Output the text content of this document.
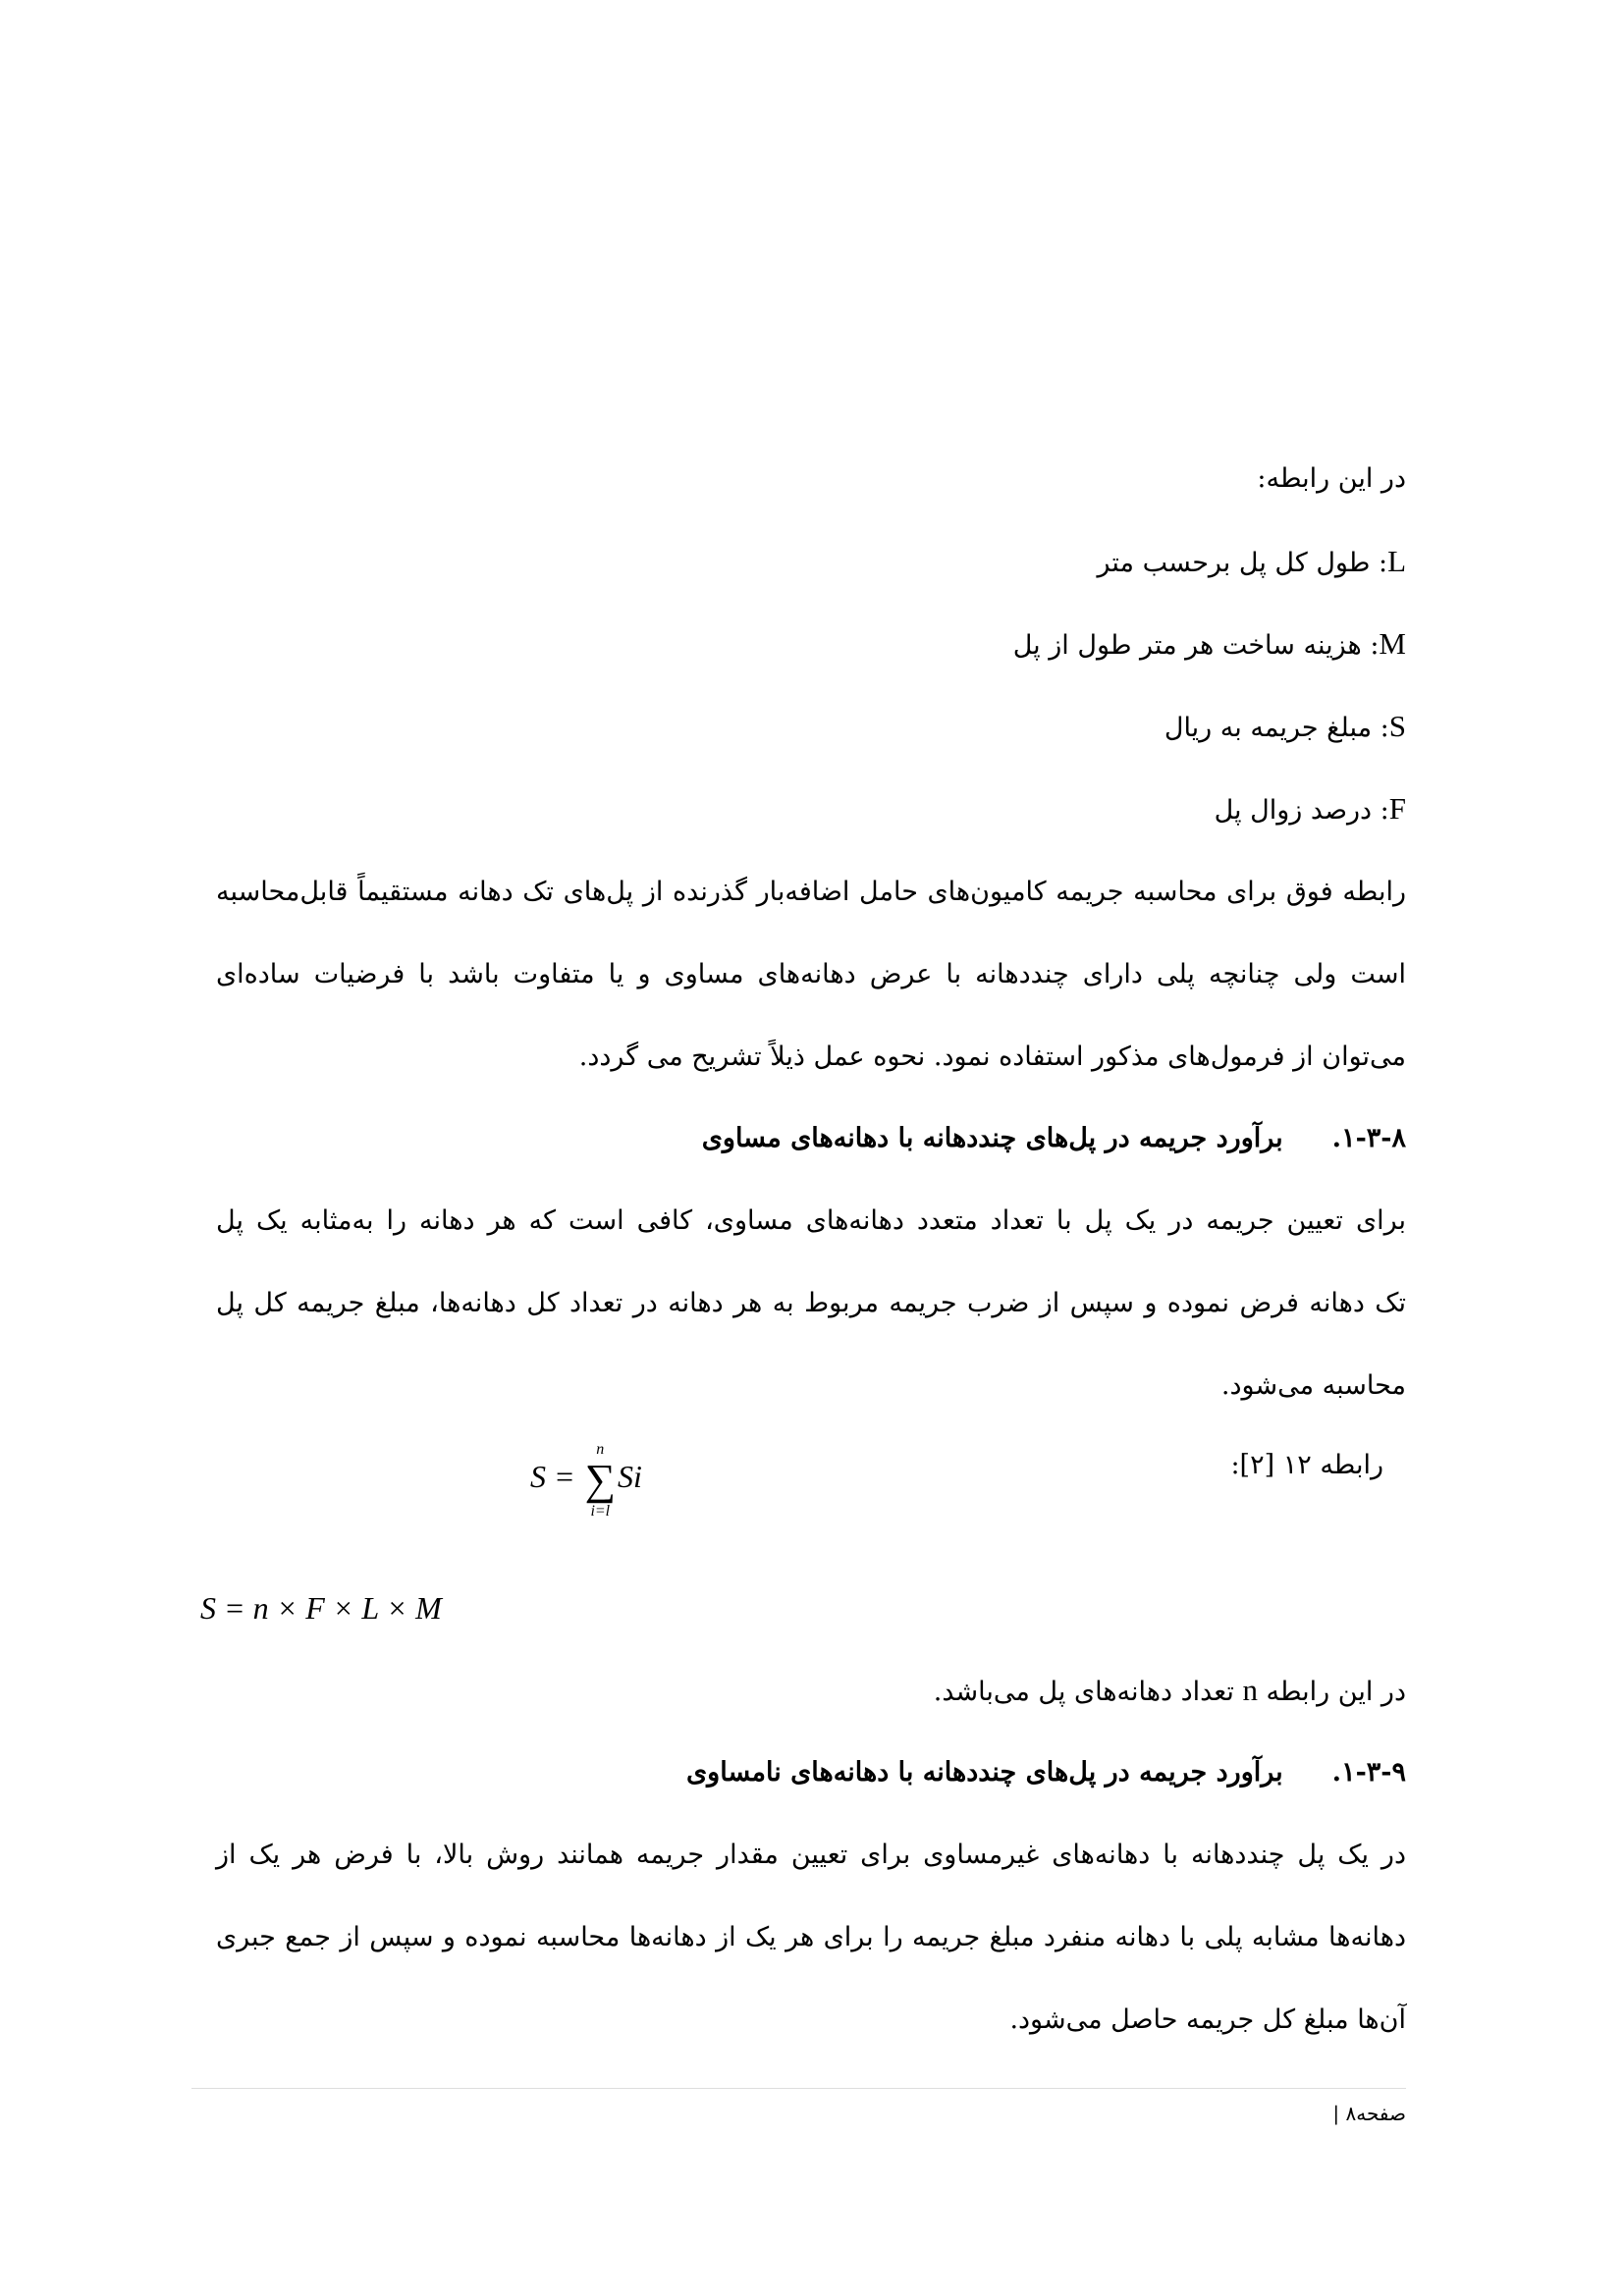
در این رابطه:
L: طول کل پل برحسب متر
M: هزینه ساخت هر متر طول از پل
S: مبلغ جریمه به ریال
F: درصد زوال پل
رابطه فوق برای محاسبه جریمه کامیون‌های حامل اضافه‌بار گذرنده از پل‌های تک دهانه مستقیماً قابل‌محاسبه
است ولی چنانچه پلی دارای چنددهانه با عرض دهانه‌های مساوی و یا متفاوت باشد با فرضیات ساده‌ای
می‌توان از فرمول‌های مذکور استفاده نمود. نحوه عمل ذیلاً تشریح می گردد.
۱-۳-۸.برآورد جریمه در پل‌های چنددهانه با دهانه‌های مساوی
برای تعیین جریمه در یک پل با تعداد متعدد دهانه‌های مساوی، کافی است که هر دهانه را به‌مثابه یک پل
تک دهانه فرض نموده و سپس از ضرب جریمه مربوط به هر دهانه در تعداد کل دهانه‌ها، مبلغ جریمه کل پل
محاسبه می‌شود.
رابطه ۱۲ [۲]:
S =
n
∑
i=l
Si
S = n × F × L × M
در این رابطه n تعداد دهانه‌های پل می‌باشد.
۱-۳-۹.برآورد جریمه در پل‌های چنددهانه با دهانه‌های نامساوی
در یک پل چنددهانه با دهانه‌های غیرمساوی برای تعیین مقدار جریمه همانند روش بالا، با فرض هر یک از
دهانه‌ها مشابه پلی با دهانه منفرد مبلغ جریمه را برای هر یک از دهانه‌ها محاسبه نموده و سپس از جمع جبری
آن‌ها مبلغ کل جریمه حاصل می‌شود.
صفحه۸ |
